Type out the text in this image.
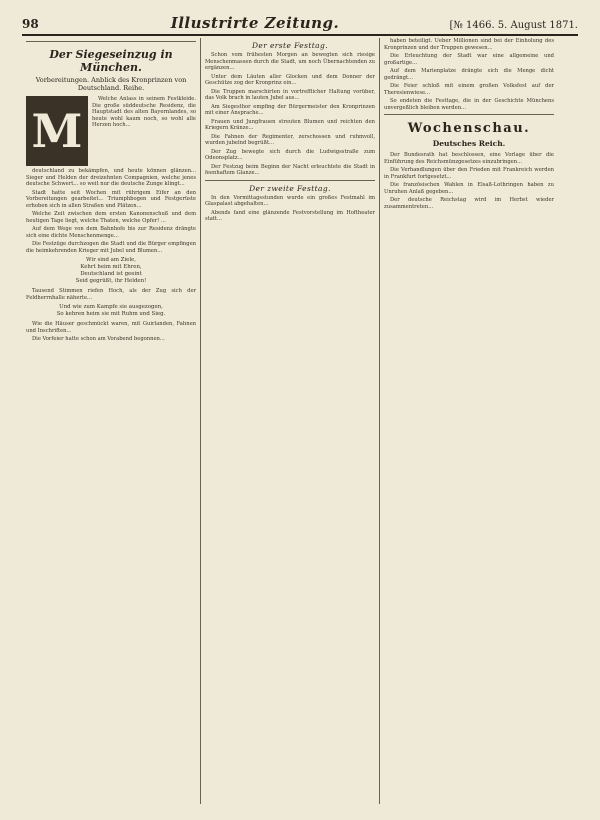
98	Illustrirte Zeitung.	[№ 1466. 5. August 1871.
Der Siegeseinzug in München.
Vorbereitungen. Anblick des Kronprinzen von Deutschland. Reihe.
M
Welche Anlass in seinem Festkleide. Die große süddeutsche Residenz, die Hauptstadt des alten Bayernlandes, so heute wohl kaum noch, so wohl alle Herzen hoch...

deutschland zu bekämpfen, und heute können glänzen... Sieger und Helden der dreizehnten Compagnien, welche jenes deutsche Schwert... so weit nur die deutsche Zunge klingt...

Stadt hatte seit Wochen mit rührigem Eifer an den Vorbereitungen gearbeitet... Triumphbogen und Festgerüste erhoben sich in allen Straßen und Plätzen...

Welche Zeit zwischen dem ersten Kanonenschuß und dem heutigen Tage liegt, welche Thaten, welche Opfer! ...

Auf dem Wege von dem Bahnhofe bis zur Residenz drängte sich eine dichte Menschenmenge...

Die Festzüge durchzogen die Stadt und die Bürger empfingen die heimkehrenden Krieger mit Jubel und Blumen...

Wir sind am Ziele,
Kehrt heim mit Ehren,
Deutschland ist geeint
Seid gegrüßt, ihr Helden!

Tausend Stimmen riefen Hoch, als der Zug sich der Feldherrnhalle näherte...

Und wie zum Kampfe sie ausgezogen,
So kehren heim sie mit Ruhm und Sieg.

Wie die Häuser geschmückt waren, mit Guirlanden, Fahnen und Inschriften...

Die Vorfeier hatte schon am Vorabend begonnen...

Der erste Festtag.

Schon vom frühesten Morgen an bewegten sich riesige Menschenmassen durch die Stadt, um noch Übernachtenden zu ergänzen...

Unter dem Läuten aller Glocken und dem Donner der Geschütze zog der Kronprinz ein...

Die Truppen marschirten in vortrefflicher Haltung vorüber, das Volk brach in lauten Jubel aus...

Am Siegesthor empfing der Bürgermeister den Kronprinzen mit einer Ansprache...

Frauen und Jungfrauen streuten Blumen und reichten den Kriegern Kränze...

Die Fahnen der Regimenter, zerschossen und ruhmvoll, wurden jubelnd begrüßt...

Der Zug bewegte sich durch die Ludwigsstraße zum Odeonsplatz...

Der Festzug beim Beginn der Nacht erleuchtete die Stadt in feenhaftem Glanze...

Der zweite Festtag.

In den Vormittagsstunden wurde ein großes Festmahl im Glaspalast abgehalten...

Abends fand eine glänzende Festvorstellung im Hoftheater statt...

haben beteiligt. Ueber Millionen sind bei der Einholung des Kronprinzen und der Truppen gewesen...

Die Erleuchtung der Stadt war eine allgemeine und großartige...

Auf dem Marienplatze drängte sich die Menge dicht gedrängt...

Die Feier schloß mit einem großen Volksfest auf der Theresienwiese...

So endeten die Festtage, die in der Geschichte Münchens unvergeßlich bleiben werden...

Wochenschau.
Deutsches Reich.

Der Bundesrath hat beschlossen, eine Vorlage über die Einführung des Reichsmünzgesetzes einzubringen...

Die Verhandlungen über den Frieden mit Frankreich werden in Frankfurt fortgesetzt...

Die französischen Wahlen in Elsaß-Lothringen haben zu Unruhen Anlaß gegeben...

Der deutsche Reichstag wird im Herbst wieder zusammentreten...
